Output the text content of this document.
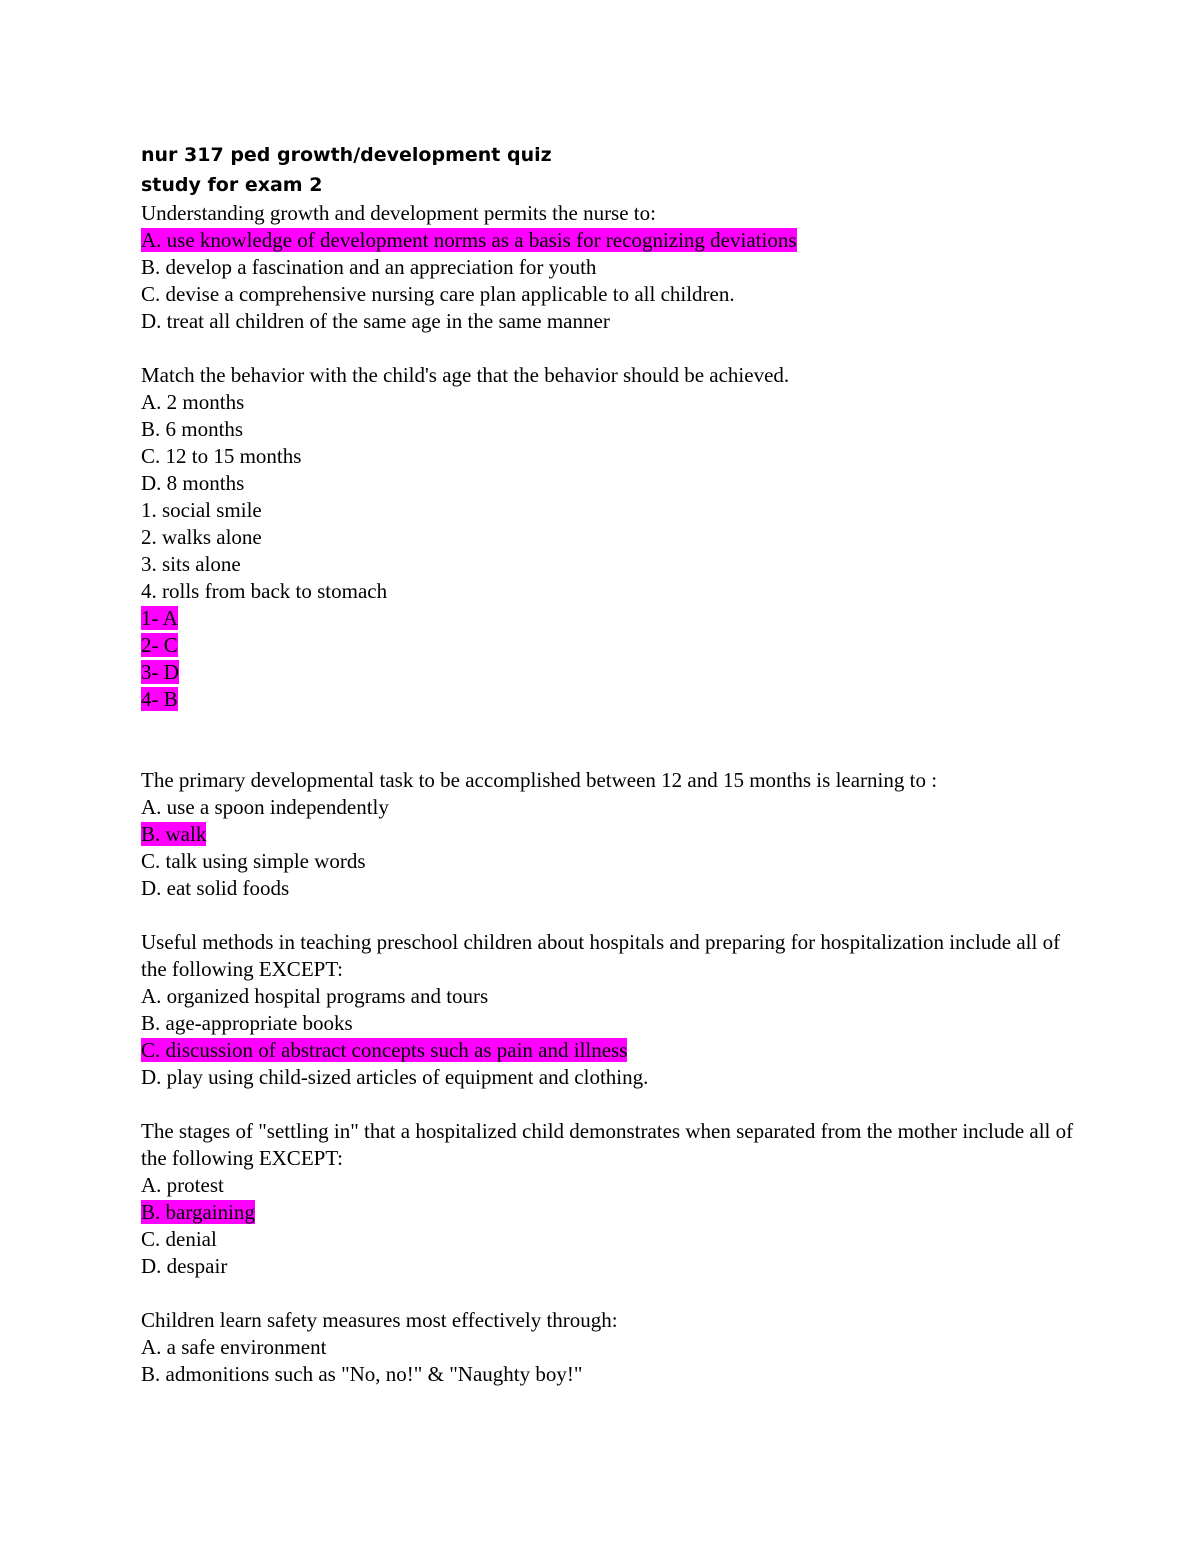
nur 317 ped growth/development quiz
study for exam 2
Understanding growth and development permits the nurse to:
A. use knowledge of development norms as a basis for recognizing deviations
B. develop a fascination and an appreciation for youth
C. devise a comprehensive nursing care plan applicable to all children.
D. treat all children of the same age in the same manner
Match the behavior with the child's age that the behavior should be achieved.
A. 2 months
B. 6 months
C. 12 to 15 months
D. 8 months
1. social smile
2. walks alone
3. sits alone
4. rolls from back to stomach
1- A
2- C
3- D
4- B
The primary developmental task to be accomplished between 12 and 15 months is learning to :
A. use a spoon independently
B. walk
C. talk using simple words
D. eat solid foods
Useful methods in teaching preschool children about hospitals and preparing for hospitalization include all of the following EXCEPT:
A. organized hospital programs and tours
B. age-appropriate books
C. discussion of abstract concepts such as pain and illness
D. play using child-sized articles of equipment and clothing.
The stages of "settling in" that a hospitalized child demonstrates when separated from the mother include all of the following EXCEPT:
A. protest
B. bargaining
C. denial
D. despair
Children learn safety measures most effectively through:
A. a safe environment
B. admonitions such as "No, no!" & "Naughty boy!"
